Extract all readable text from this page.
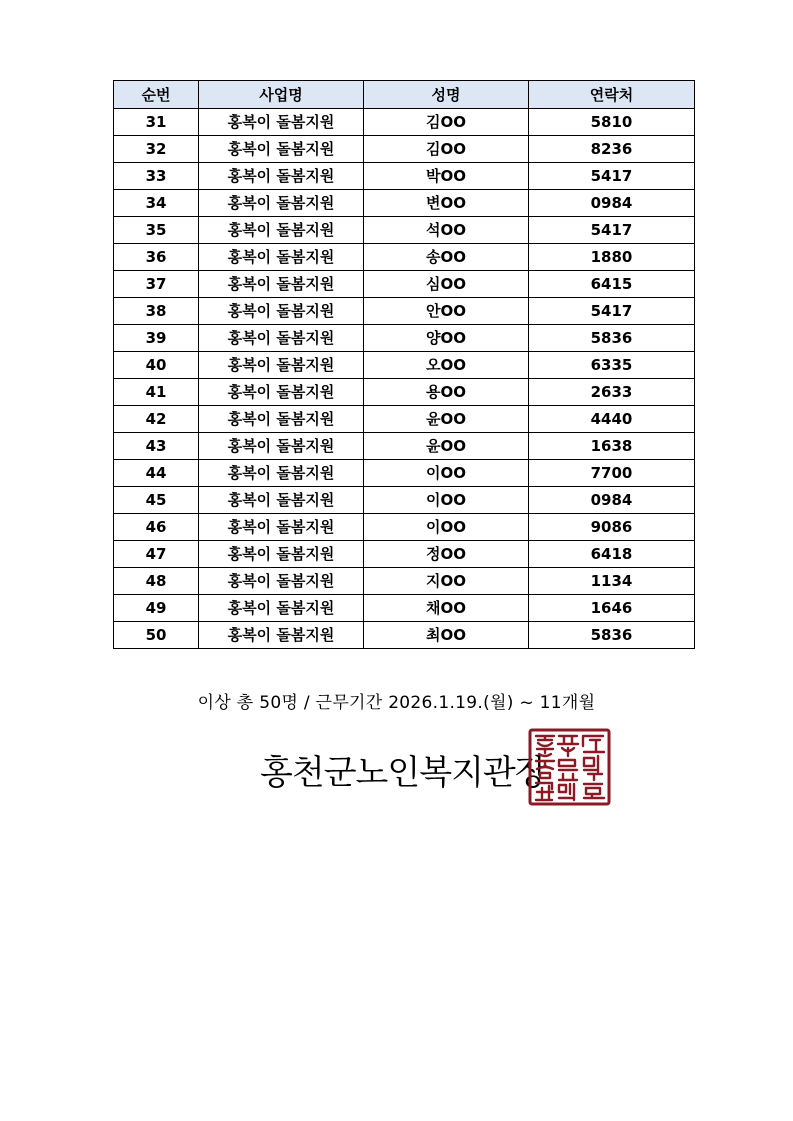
순번	사업명	성명	연락처
31	홍복이 돌봄지원	김OO	5810
32	홍복이 돌봄지원	김OO	8236
33	홍복이 돌봄지원	박OO	5417
34	홍복이 돌봄지원	변OO	0984
35	홍복이 돌봄지원	석OO	5417
36	홍복이 돌봄지원	송OO	1880
37	홍복이 돌봄지원	심OO	6415
38	홍복이 돌봄지원	안OO	5417
39	홍복이 돌봄지원	양OO	5836
40	홍복이 돌봄지원	오OO	6335
41	홍복이 돌봄지원	용OO	2633
42	홍복이 돌봄지원	윤OO	4440
43	홍복이 돌봄지원	윤OO	1638
44	홍복이 돌봄지원	이OO	7700
45	홍복이 돌봄지원	이OO	0984
46	홍복이 돌봄지원	이OO	9086
47	홍복이 돌봄지원	정OO	6418
48	홍복이 돌봄지원	지OO	1134
49	홍복이 돌봄지원	채OO	1646
50	홍복이 돌봄지원	최OO	5836
이상 총 50명 / 근무기간 2026.1.19.(월) ~ 11개월
홍천군노인복지관장
